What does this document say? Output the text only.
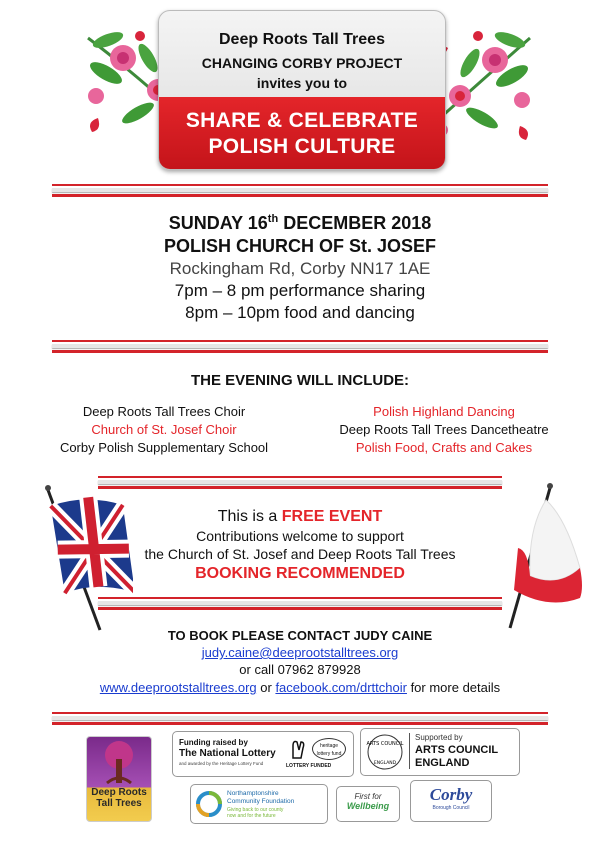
Deep Roots Tall Trees
CHANGING CORBY PROJECT
invites you to
SHARE & CELEBRATE
POLISH CULTURE
SUNDAY 16th DECEMBER 2018
POLISH CHURCH OF St. JOSEF
Rockingham Rd, Corby NN17 1AE
7pm – 8 pm performance sharing
8pm – 10pm food and dancing
THE EVENING WILL INCLUDE:
Deep Roots Tall Trees Choir
Church of St. Josef Choir
Corby Polish Supplementary School
Polish Highland Dancing
Deep Roots Tall Trees Dancetheatre
Polish Food, Crafts and Cakes
This is a FREE EVENT
Contributions welcome to support
the Church of St. Josef and Deep Roots Tall Trees
BOOKING RECOMMENDED
TO BOOK PLEASE CONTACT JUDY CAINE
judy.caine@deeprootstalltrees.org
or call 07962 879928
www.deeprootstalltrees.org or facebook.com/drttchoir for more details
Deep Roots
Tall Trees
Funding raised by
The National Lottery
and awarded by the Heritage Lottery Fund
heritage
lottery fund
LOTTERY FUNDED
ARTS COUNCIL
ENGLAND
Supported by
ARTS COUNCIL
ENGLAND
Northamptonshire
Community Foundation
Giving back to our county
now and for the future
First for
Wellbeing
Corby
Borough Council
